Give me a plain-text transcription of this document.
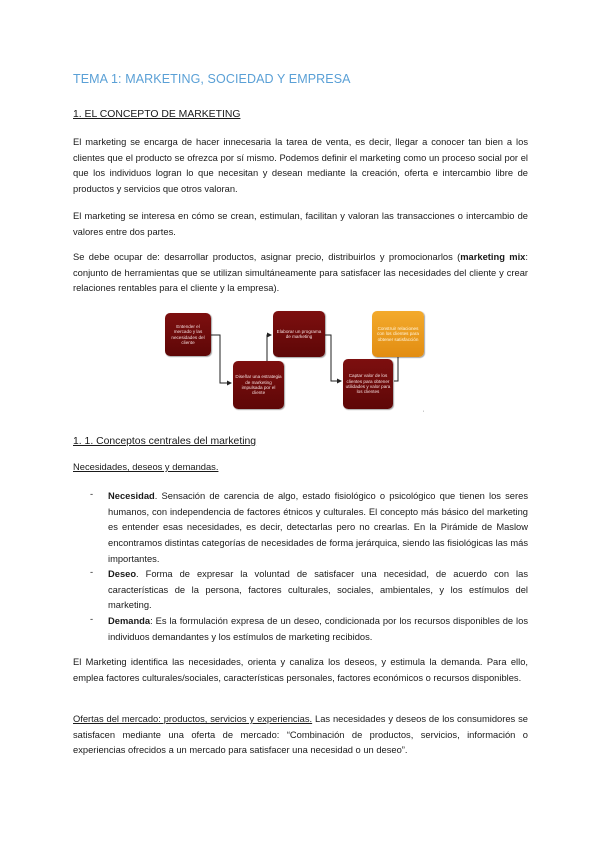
TEMA 1: MARKETING, SOCIEDAD Y EMPRESA
1. EL CONCEPTO DE MARKETING

El marketing se encarga de hacer innecesaria la tarea de venta, es decir, llegar a conocer tan bien a los clientes que el producto se ofrezca por sí mismo. Podemos definir el marketing como un proceso social por el que los individuos logran lo que necesitan y desean mediante la creación, oferta e intercambio libre de productos y servicios que otros valoran.

El marketing se interesa en cómo se crean, estimulan, facilitan y valoran las transacciones o intercambio de valores entre dos partes.

Se debe ocupar de: desarrollar productos, asignar precio, distribuirlos y promocionarlos (marketing mix: conjunto de herramientas que se utilizan simultáneamente para satisfacer las necesidades del cliente y crear relaciones rentables para el cliente y la empresa).

Entender el mercado y las necesidades del cliente
Diseñar una estrategia de marketing impulsada por el cliente
Elaborar un programa de marketing
Captar valor de los clientes para obtener utilidades y valor para los clientes
Construir relaciones con los clientes para obtener satisfacción
▪
1. 1. Conceptos centrales del marketing
Necesidades, deseos y demandas.
- Necesidad. Sensación de carencia de algo, estado fisiológico o psicológico que tienen los seres humanos, con independencia de factores étnicos y culturales. El concepto más básico del marketing es entender esas necesidades, es decir, detectarlas pero no crearlas. En la Pirámide de Maslow encontramos distintas categorías de necesidades de forma jerárquica, siendo las fisiológicas las más importantes.

- Deseo. Forma de expresar la voluntad de satisfacer una necesidad, de acuerdo con las características de la persona, factores culturales, sociales, ambientales, y los estímulos del marketing.

- Demanda: Es la formulación expresa de un deseo, condicionada por los recursos disponibles de los individuos demandantes y los estímulos de marketing recibidos.

El Marketing identifica las necesidades, orienta y canaliza los deseos, y estimula la demanda. Para ello, emplea factores culturales/sociales, características personales, factores económicos o recursos disponibles.

Ofertas del mercado: productos, servicios y experiencias. Las necesidades y deseos de los consumidores se satisfacen mediante una oferta de mercado: “Combinación de productos, servicios, información o experiencias ofrecidos a un mercado para satisfacer una necesidad o un deseo”.
